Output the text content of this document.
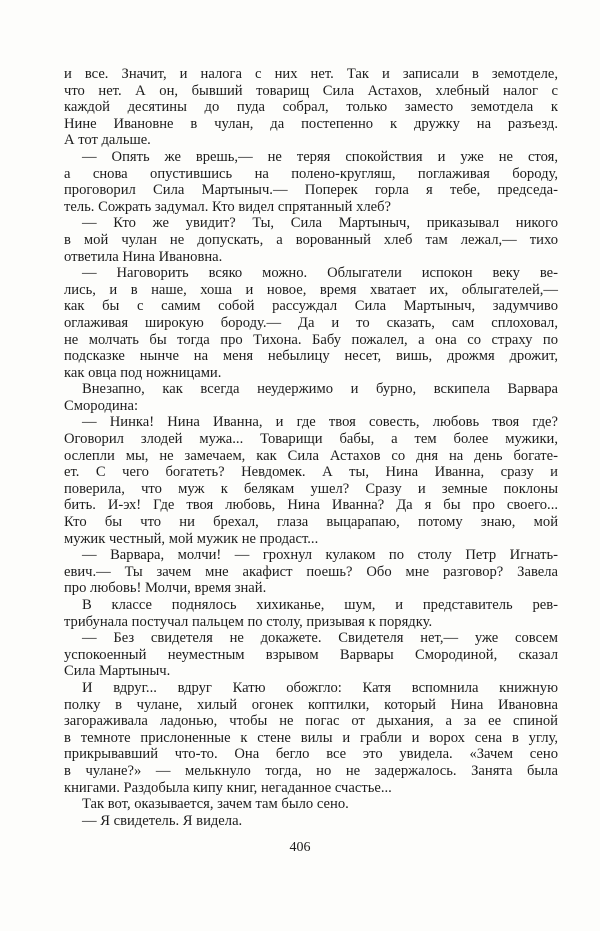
и все. Значит, и налога с них нет. Так и записали в земотделе,
что нет. А он, бывший товарищ Сила Астахов, хлебный налог с
каждой десятины до пуда собрал, только заместо земотдела к
Нине Ивановне в чулан, да постепенно к дружку на разъезд.
А тот дальше.
— Опять же врешь,— не теряя спокойствия и уже не стоя,
а снова опустившись на полено-кругляш, поглаживая бороду,
проговорил Сила Мартыныч.— Поперек горла я тебе, председа-
тель. Сожрать задумал. Кто видел спрятанный хлеб?
— Кто же увидит? Ты, Сила Мартыныч, приказывал никого
в мой чулан не допускать, а ворованный хлеб там лежал,— тихо
ответила Нина Ивановна.
— Наговорить всяко можно. Облыгатели испокон веку ве-
лись, и в наше, хоша и новое, время хватает их, облыгателей,—
как бы с самим собой рассуждал Сила Мартыныч, задумчиво
оглаживая широкую бороду.— Да и то сказать, сам сплоховал,
не молчать бы тогда про Тихона. Бабу пожалел, а она со страху по
подсказке нынче на меня небылицу несет, вишь, дрожмя дрожит,
как овца под ножницами.
Внезапно, как всегда неудержимо и бурно, вскипела Варвара
Смородина:
— Нинка! Нина Иванна, и где твоя совесть, любовь твоя где?
Оговорил злодей мужа... Товарищи бабы, а тем более мужики,
ослепли мы, не замечаем, как Сила Астахов со дня на день богате-
ет. С чего богатеть? Невдомек. А ты, Нина Иванна, сразу и
поверила, что муж к белякам ушел? Сразу и земные поклоны
бить. И-эх! Где твоя любовь, Нина Иванна? Да я бы про своего...
Кто бы что ни брехал, глаза выцарапаю, потому знаю, мой
мужик честный, мой мужик не продаст...
— Варвара, молчи! — грохнул кулаком по столу Петр Игнать-
евич.— Ты зачем мне акафист поешь? Обо мне разговор? Завела
про любовь! Молчи, время знай.
В классе поднялось хихиканье, шум, и представитель рев-
трибунала постучал пальцем по столу, призывая к порядку.
— Без свидетеля не докажете. Свидетеля нет,— уже совсем
успокоенный неуместным взрывом Варвары Смородиной, сказал
Сила Мартыныч.
И вдруг... вдруг Катю обожгло: Катя вспомнила книжную
полку в чулане, хилый огонек коптилки, который Нина Ивановна
загораживала ладонью, чтобы не погас от дыхания, а за ее спиной
в темноте прислоненные к стене вилы и грабли и ворох сена в углу,
прикрывавший что-то. Она бегло все это увидела. «Зачем сено
в чулане?» — мелькнуло тогда, но не задержалось. Занята была
книгами. Раздобыла кипу книг, негаданное счастье...
Так вот, оказывается, зачем там было сено.
— Я свидетель. Я видела.
406
